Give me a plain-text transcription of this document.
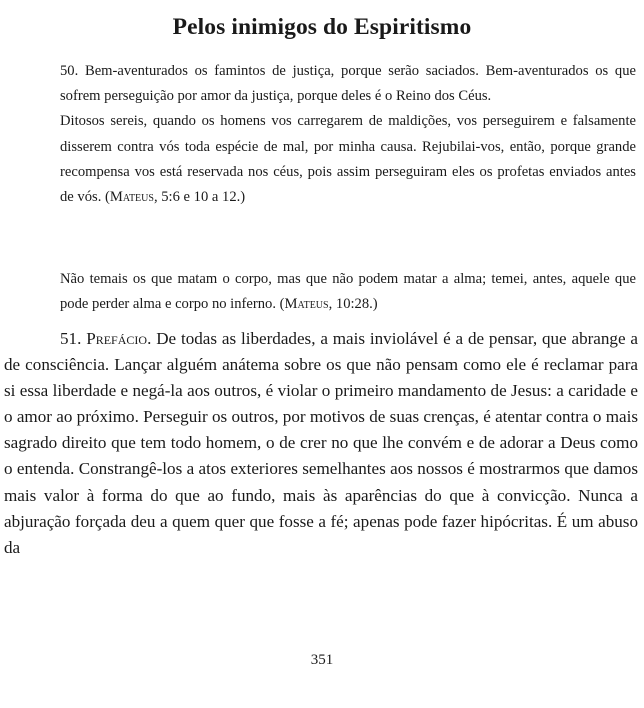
Pelos inimigos do Espiritismo

50. Bem-aventurados os famintos de justiça, porque serão saciados. Bem-aventurados os que sofrem perseguição por amor da justiça, porque deles é o Reino dos Céus.

Ditosos sereis, quando os homens vos carregarem de maldições, vos perseguirem e falsamente disserem contra vós toda espécie de mal, por minha causa. Rejubilai-vos, então, porque grande recompensa vos está reservada nos céus, pois assim perseguiram eles os profetas enviados antes de vós. (Mateus, 5:6 e 10 a 12.)

Não temais os que matam o corpo, mas que não podem matar a alma; temei, antes, aquele que pode perder alma e corpo no inferno. (Mateus, 10:28.)

51. Prefácio. De todas as liberdades, a mais inviolável é a de pensar, que abrange a de consciência. Lançar alguém anátema sobre os que não pensam como ele é reclamar para si essa liberdade e negá-la aos outros, é violar o primeiro mandamento de Jesus: a caridade e o amor ao próximo. Perseguir os outros, por motivos de suas crenças, é atentar contra o mais sagrado direito que tem todo homem, o de crer no que lhe convém e de adorar a Deus como o entenda. Constrangê-los a atos exteriores semelhantes aos nossos é mostrarmos que damos mais valor à forma do que ao fundo, mais às aparências do que à convicção. Nunca a abjuração forçada deu a quem quer que fosse a fé; apenas pode fazer hipócritas. É um abuso da

351
